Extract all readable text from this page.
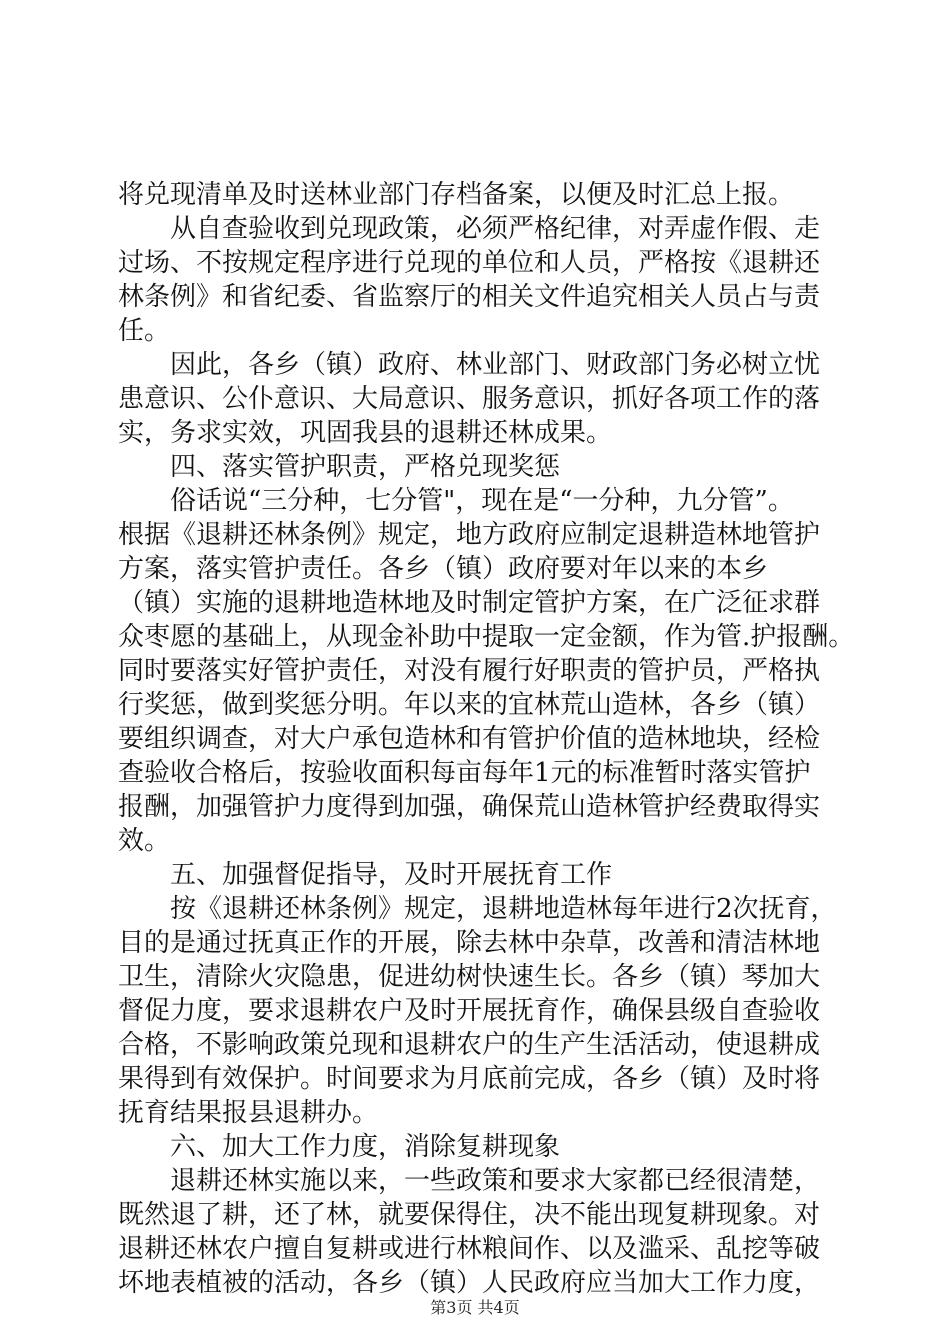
将兑现清单及时送林业部门存档备案，以便及时汇总上报。
从自查验收到兑现政策，必须严格纪律，对弄虚作假、走
过场、不按规定程序进行兑现的单位和人员，严格按《退耕还
林条例》和省纪委、省监察厅的相关文件追究相关人员占与责
任。
因此，各乡（镇）政府、林业部门、财政部门务必树立忧
患意识、公仆意识、大局意识、服务意识，抓好各项工作的落
实，务求实效，巩固我县的退耕还林成果。
四、落实管护职责，严格兑现奖惩
俗话说“三分种，七分管"，现在是“一分种，九分管”。
根据《退耕还林条例》规定，地方政府应制定退耕造林地管护
方案，落实管护责任。各乡（镇）政府要对年以来的本乡
（镇）实施的退耕地造林地及时制定管护方案，在广泛征求群
众枣愿的基础上，从现金补助中提取一定金额，作为管.护报酬。
同时要落实好管护责任，对没有履行好职责的管护员，严格执
行奖惩，做到奖惩分明。年以来的宜林荒山造林，各乡（镇）
要组织调查，对大户承包造林和有管护价值的造林地块，经检
查验收合格后，按验收面积每亩每年1元的标准暂时落实管护
报酬，加强管护力度得到加强，确保荒山造林管护经费取得实
效。
五、加强督促指导，及时开展抚育工作
按《退耕还林条例》规定，退耕地造林每年进行2次抚育，
目的是通过抚真正作的开展，除去林中杂草，改善和清洁林地
卫生，清除火灾隐患，促进幼树快速生长。各乡（镇）琴加大
督促力度，要求退耕农户及时开展抚育作，确保县级自查验收
合格，不影响政策兑现和退耕农户的生产生活活动，使退耕成
果得到有效保护。时间要求为月底前完成，各乡（镇）及时将
抚育结果报县退耕办。
六、加大工作力度，消除复耕现象
退耕还林实施以来，一些政策和要求大家都已经很清楚，
既然退了耕，还了林，就要保得住，决不能出现复耕现象。对
退耕还林农户擅自复耕或进行林粮间作、以及滥采、乱挖等破
坏地表植被的活动，各乡（镇）人民政府应当加大工作力度，
第3页 共4页
